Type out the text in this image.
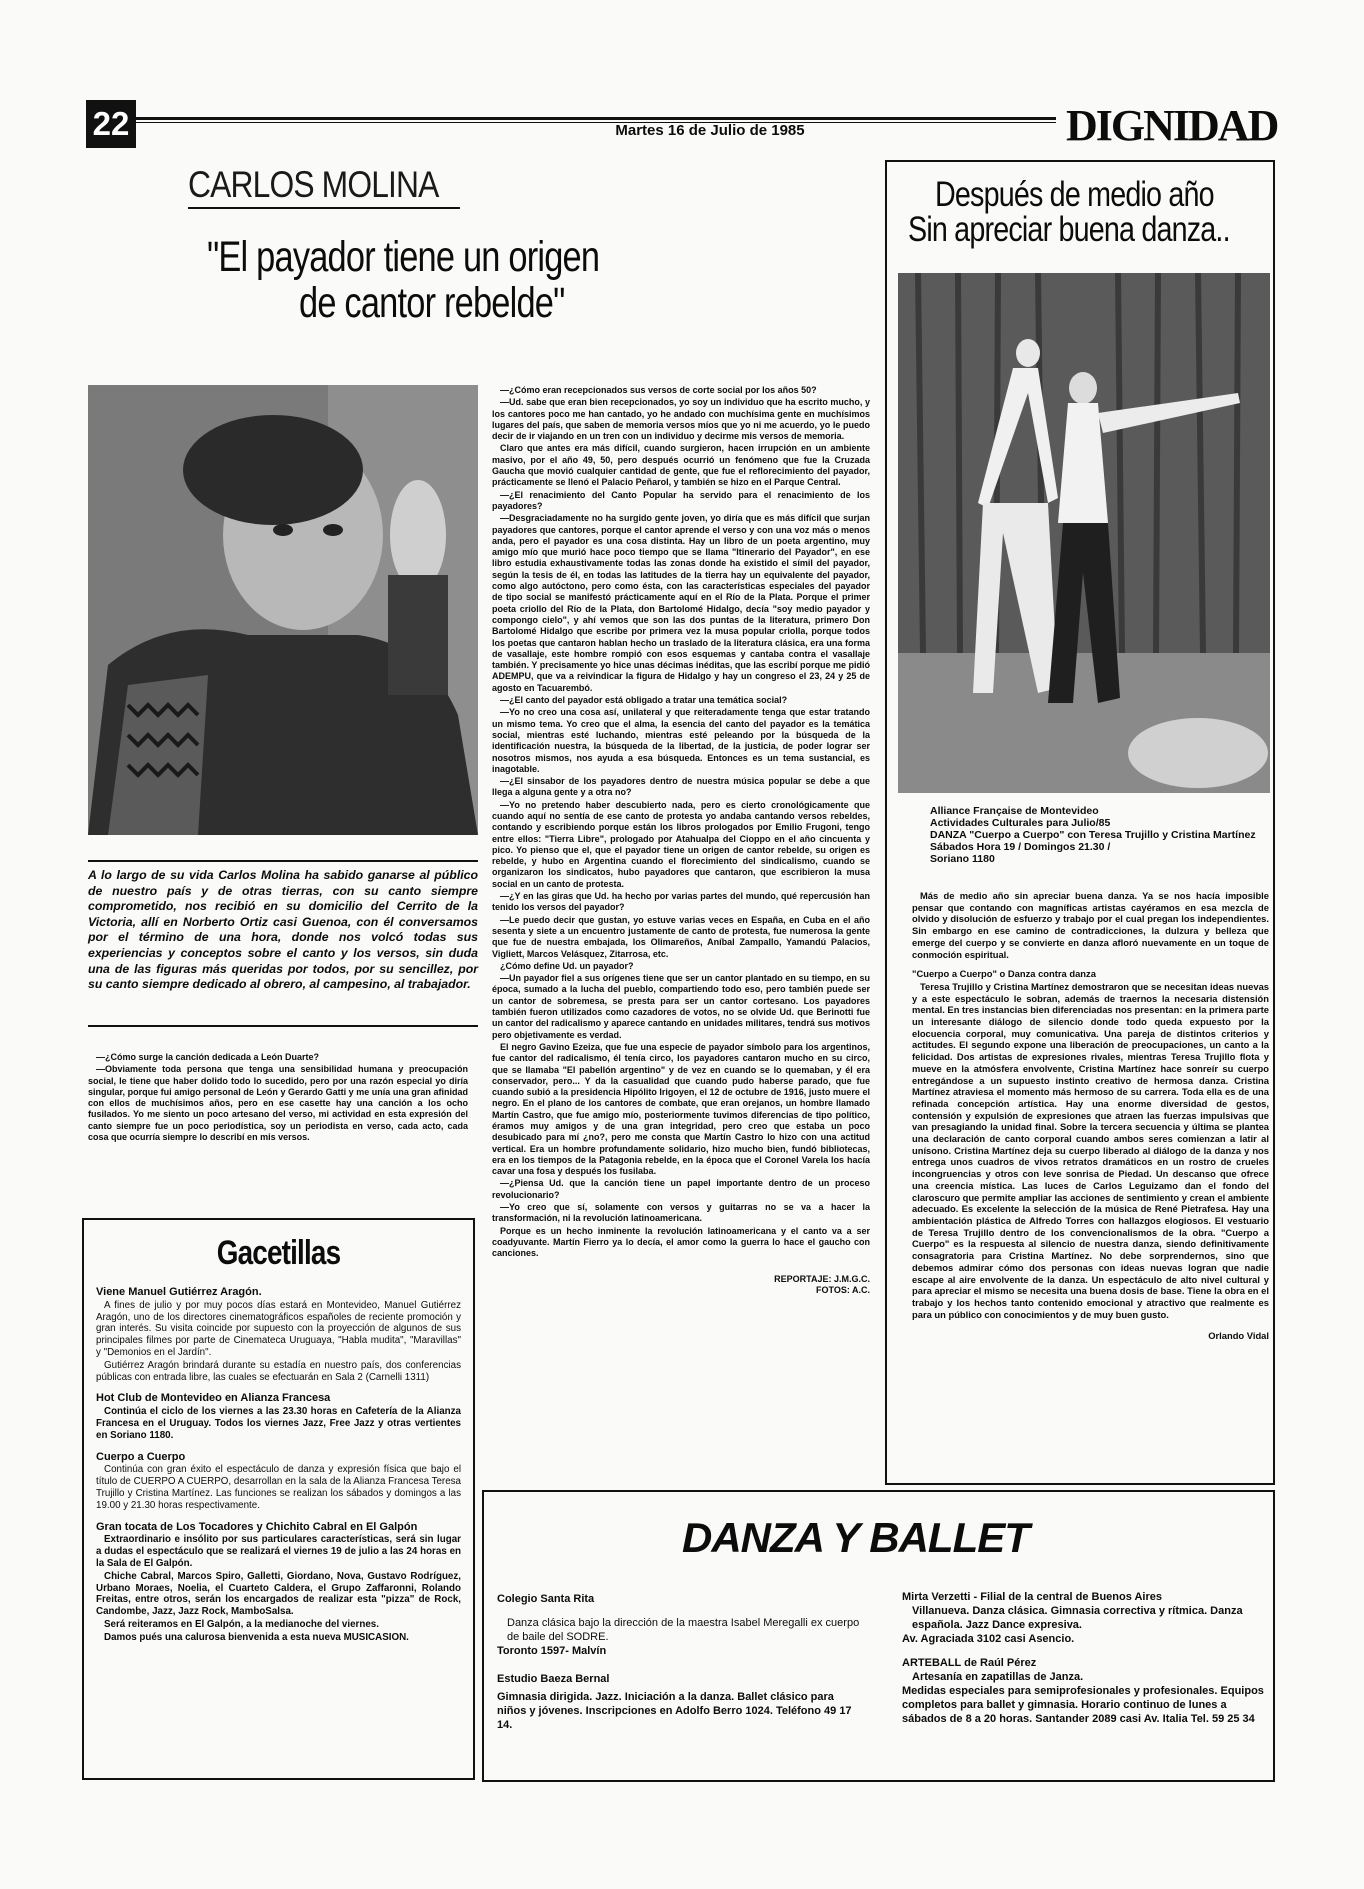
22	Martes 16 de Julio de 1985	DIGNIDAD
CARLOS MOLINA
"El payador tiene un origen
de cantor rebelde"
A lo largo de su vida Carlos Molina ha sabido ganarse al público de nuestro país y de otras tierras, con su canto siempre comprometido, nos recibió en su domicilio del Cerrito de la Victoria, allí en Norberto Ortiz casi Guenoa, con él conversamos por el término de una hora, donde nos volcó todas sus experiencias y conceptos sobre el canto y los versos, sin duda una de las figuras más queridas por todos, por su sencillez, por su canto siempre dedicado al obrero, al campesino, al trabajador.

—¿Cómo surge la canción dedicada a León Duarte?

—Obviamente toda persona que tenga una sensibilidad humana y preocupación social, le tiene que haber dolido todo lo sucedido, pero por una razón especial yo diría singular, porque fui amigo personal de León y Gerardo Gatti y me unía una gran afinidad con ellos de muchísimos años, pero en ese casette hay una canción a los ocho fusilados. Yo me siento un poco artesano del verso, mi actividad en esta expresión del canto siempre fue un poco periodística, soy un periodista en verso, cada acto, cada cosa que ocurría siempre lo describí en mis versos.

—¿Cómo eran recepcionados sus versos de corte social por los años 50?

—Ud. sabe que eran bien recepcionados, yo soy un individuo que ha escrito mucho, y los cantores poco me han cantado, yo he andado con muchísima gente en muchísimos lugares del país, que saben de memoria versos míos que yo ni me acuerdo, yo le puedo decir de ir viajando en un tren con un individuo y decirme mis versos de memoria.

Claro que antes era más difícil, cuando surgieron, hacen irrupción en un ambiente masivo, por el año 49, 50, pero después ocurrió un fenómeno que fue la Cruzada Gaucha que movió cualquier cantidad de gente, que fue el reflorecimiento del payador, prácticamente se llenó el Palacio Peñarol, y también se hizo en el Parque Central.

—¿El renacimiento del Canto Popular ha servido para el renacimiento de los payadores?

—Desgraciadamente no ha surgido gente joven, yo diría que es más difícil que surjan payadores que cantores, porque el cantor aprende el verso y con una voz más o menos anda, pero el payador es una cosa distinta. Hay un libro de un poeta argentino, muy amigo mío que murió hace poco tiempo que se llama "Itinerario del Payador", en ese libro estudia exhaustivamente todas las zonas donde ha existido el símil del payador, según la tesis de él, en todas las latitudes de la tierra hay un equivalente del payador, como algo autóctono, pero como ésta, con las características especiales del payador de tipo social se manifestó prácticamente aquí en el Río de la Plata. Porque el primer poeta criollo del Río de la Plata, don Bartolomé Hidalgo, decía "soy medio payador y compongo cielo", y ahí vemos que son las dos puntas de la literatura, primero Don Bartolomé Hidalgo que escribe por primera vez la musa popular criolla, porque todos los poetas que cantaron hablan hecho un traslado de la literatura clásica, era una forma de vasallaje, este hombre rompió con esos esquemas y cantaba contra el vasallaje también. Y precisamente yo hice unas décimas inéditas, que las escribí porque me pidió ADEMPU, que va a reivindicar la figura de Hidalgo y hay un congreso el 23, 24 y 25 de agosto en Tacuarembó.

—¿El canto del payador está obligado a tratar una temática social?

—Yo no creo una cosa así, unilateral y que reiteradamente tenga que estar tratando un mismo tema. Yo creo que el alma, la esencia del canto del payador es la temática social, mientras esté luchando, mientras esté peleando por la búsqueda de la identificación nuestra, la búsqueda de la libertad, de la justicia, de poder lograr ser nosotros mismos, nos ayuda a esa búsqueda. Entonces es un tema sustancial, es inagotable.

—¿El sinsabor de los payadores dentro de nuestra música popular se debe a que llega a alguna gente y a otra no?

—Yo no pretendo haber descubierto nada, pero es cierto cronológicamente que cuando aquí no sentía de ese canto de protesta yo andaba cantando versos rebeldes, contando y escribiendo porque están los libros prologados por Emilio Frugoni, tengo entre ellos: "Tierra Libre", prologado por Atahualpa del Cioppo en el año cincuenta y pico. Yo pienso que el, que el payador tiene un origen de cantor rebelde, su origen es rebelde, y hubo en Argentina cuando el florecimiento del sindicalismo, cuando se organizaron los sindicatos, hubo payadores que cantaron, que escribieron la musa social en un canto de protesta.

—¿Y en las giras que Ud. ha hecho por varias partes del mundo, qué repercusión han tenido los versos del payador?

—Le puedo decir que gustan, yo estuve varias veces en España, en Cuba en el año sesenta y siete a un encuentro justamente de canto de protesta, fue numerosa la gente que fue de nuestra embajada, los Olimareños, Aníbal Zampallo, Yamandú Palacios, Vigliett, Marcos Velásquez, Zitarrosa, etc.

¿Cómo define Ud. un payador?

—Un payador fiel a sus orígenes tiene que ser un cantor plantado en su tiempo, en su época, sumado a la lucha del pueblo, compartiendo todo eso, pero también puede ser un cantor de sobremesa, se presta para ser un cantor cortesano. Los payadores también fueron utilizados como cazadores de votos, no se olvide Ud. que Berinotti fue un cantor del radicalismo y aparece cantando en unidades militares, tendrá sus motivos pero objetivamente es verdad.

El negro Gavino Ezeiza, que fue una especie de payador símbolo para los argentinos, fue cantor del radicalismo, él tenía circo, los payadores cantaron mucho en su circo, que se llamaba "El pabellón argentino" y de vez en cuando se lo quemaban, y él era conservador, pero... Y da la casualidad que cuando pudo haberse parado, que fue cuando subió a la presidencia Hipólito Irigoyen, el 12 de octubre de 1916, justo muere el negro. En el plano de los cantores de combate, que eran orejanos, un hombre llamado Martín Castro, que fue amigo mío, posteriormente tuvimos diferencias de tipo político, éramos muy amigos y de una gran integridad, pero creo que estaba un poco desubicado para mí ¿no?, pero me consta que Martín Castro lo hizo con una actitud vertical. Era un hombre profundamente solidario, hizo mucho bien, fundó bibliotecas, era en los tiempos de la Patagonia rebelde, en la época que el Coronel Varela los hacía cavar una fosa y después los fusilaba.

—¿Piensa Ud. que la canción tiene un papel importante dentro de un proceso revolucionario?

—Yo creo que sí, solamente con versos y guitarras no se va a hacer la transformación, ni la revolución latinoamericana.

Porque es un hecho inminente la revolución latinoamericana y el canto va a ser coadyuvante. Martín Fierro ya lo decía, el amor como la guerra lo hace el gaucho con canciones.

REPORTAJE: J.M.G.C.
FOTOS: A.C.
Gacetillas
Viene Manuel Gutiérrez Aragón.

A fines de julio y por muy pocos días estará en Montevideo, Manuel Gutiérrez Aragón, uno de los directores cinematográficos españoles de reciente promoción y gran interés. Su visita coincide por supuesto con la proyección de algunos de sus principales filmes por parte de Cinemateca Uruguaya, "Habla mudita", "Maravillas" y "Demonios en el Jardín".

Gutiérrez Aragón brindará durante su estadía en nuestro país, dos conferencias públicas con entrada libre, las cuales se efectuarán en Sala 2 (Carnelli 1311)

Hot Club de Montevideo en Alianza Francesa

Continúa el ciclo de los viernes a las 23.30 horas en Cafetería de la Alianza Francesa en el Uruguay. Todos los viernes Jazz, Free Jazz y otras vertientes en Soriano 1180.

Cuerpo a Cuerpo

Continúa con gran éxito el espectáculo de danza y expresión física que bajo el título de CUERPO A CUERPO, desarrollan en la sala de la Alianza Francesa Teresa Trujillo y Cristina Martínez. Las funciones se realizan los sábados y domingos a las 19.00 y 21.30 horas respectivamente.

Gran tocata de Los Tocadores y Chichito Cabral en El Galpón

Extraordinario e insólito por sus particulares características, será sin lugar a dudas el espectáculo que se realizará el viernes 19 de julio a las 24 horas en la Sala de El Galpón.

Chiche Cabral, Marcos Spiro, Galletti, Giordano, Nova, Gustavo Rodríguez, Urbano Moraes, Noelia, el Cuarteto Caldera, el Grupo Zaffaronni, Rolando Freitas, entre otros, serán los encargados de realizar esta "pizza" de Rock, Candombe, Jazz, Jazz Rock, MamboSalsa.

Será reiteramos en El Galpón, a la medianoche del viernes.

Damos pués una calurosa bienvenida a esta nueva MUSICASION.

Después de medio año
Sin apreciar buena danza..
Alliance Française de Montevideo
Actividades Culturales para Julio/85
DANZA "Cuerpo a Cuerpo" con Teresa Trujillo y Cristina Martínez
Sábados Hora 19 / Domingos 21.30 /
Soriano 1180

Más de medio año sin apreciar buena danza. Ya se nos hacía imposible pensar que contando con magníficas artistas cayéramos en esa mezcla de olvido y disolución de esfuerzo y trabajo por el cual pregan los independientes. Sin embargo en ese camino de contradicciones, la dulzura y belleza que emerge del cuerpo y se convierte en danza afloró nuevamente en un toque de conmoción espiritual.

"Cuerpo a Cuerpo" o Danza contra danza

Teresa Trujillo y Cristina Martínez demostraron que se necesitan ideas nuevas y a este espectáculo le sobran, además de traernos la necesaria distensión mental. En tres instancias bien diferenciadas nos presentan: en la primera parte un interesante diálogo de silencio donde todo queda expuesto por la elocuencia corporal, muy comunicativa. Una pareja de distintos criterios y actitudes. El segundo expone una liberación de preocupaciones, un canto a la felicidad. Dos artistas de expresiones rivales, mientras Teresa Trujillo flota y mueve en la atmósfera envolvente, Cristina Martínez hace sonreír su cuerpo entregándose a un supuesto instinto creativo de hermosa danza. Cristina Martínez atraviesa el momento más hermoso de su carrera. Toda ella es de una refinada concepción artística. Hay una enorme diversidad de gestos, contensión y expulsión de expresiones que atraen las fuerzas impulsivas que van presagiando la unidad final. Sobre la tercera secuencia y última se plantea una declaración de canto corporal cuando ambos seres comienzan a latir al unísono. Cristina Martínez deja su cuerpo liberado al diálogo de la danza y nos entrega unos cuadros de vivos retratos dramáticos en un rostro de crueles incongruencias y otros con leve sonrisa de Piedad. Un descanso que ofrece una creencia mística. Las luces de Carlos Leguizamo dan el fondo del claroscuro que permite ampliar las acciones de sentimiento y crean el ambiente adecuado. Es excelente la selección de la música de René Pietrafesa. Hay una ambientación plástica de Alfredo Torres con hallazgos elogiosos. El vestuario de Teresa Trujillo dentro de los convencionalismos de la obra. "Cuerpo a Cuerpo" es la respuesta al silencio de nuestra danza, siendo definitivamente consagratoria para Cristina Martínez. No debe sorprendernos, sino que debemos admirar cómo dos personas con ideas nuevas logran que nadie escape al aire envolvente de la danza. Un espectáculo de alto nivel cultural y para apreciar el mismo se necesita una buena dosis de base. Tiene la obra en el trabajo y los hechos tanto contenido emocional y atractivo que realmente es para un público con conocimientos y de muy buen gusto.

Orlando Vidal
DANZA Y BALLET
Colegio Santa Rita
Danza clásica bajo la dirección de la maestra Isabel Meregalli ex cuerpo de baile del SODRE.
Toronto 1597- Malvín
Estudio Baeza Bernal
Gimnasia dirigida. Jazz. Iniciación a la danza. Ballet clásico para niños y jóvenes. Inscripciones en Adolfo Berro 1024. Teléfono 49 17 14.
Mirta Verzetti - Filial de la central de Buenos Aires
Villanueva. Danza clásica. Gimnasia correctiva y rítmica. Danza española. Jazz Dance expresiva.
Av. Agraciada 3102 casi Asencio.
ARTEBALL de Raúl Pérez
Artesanía en zapatillas de Janza.
Medidas especiales para semiprofesionales y profesionales. Equipos completos para ballet y gimnasia. Horario continuo de lunes a sábados de 8 a 20 horas. Santander 2089 casi Av. Italia Tel. 59 25 34
